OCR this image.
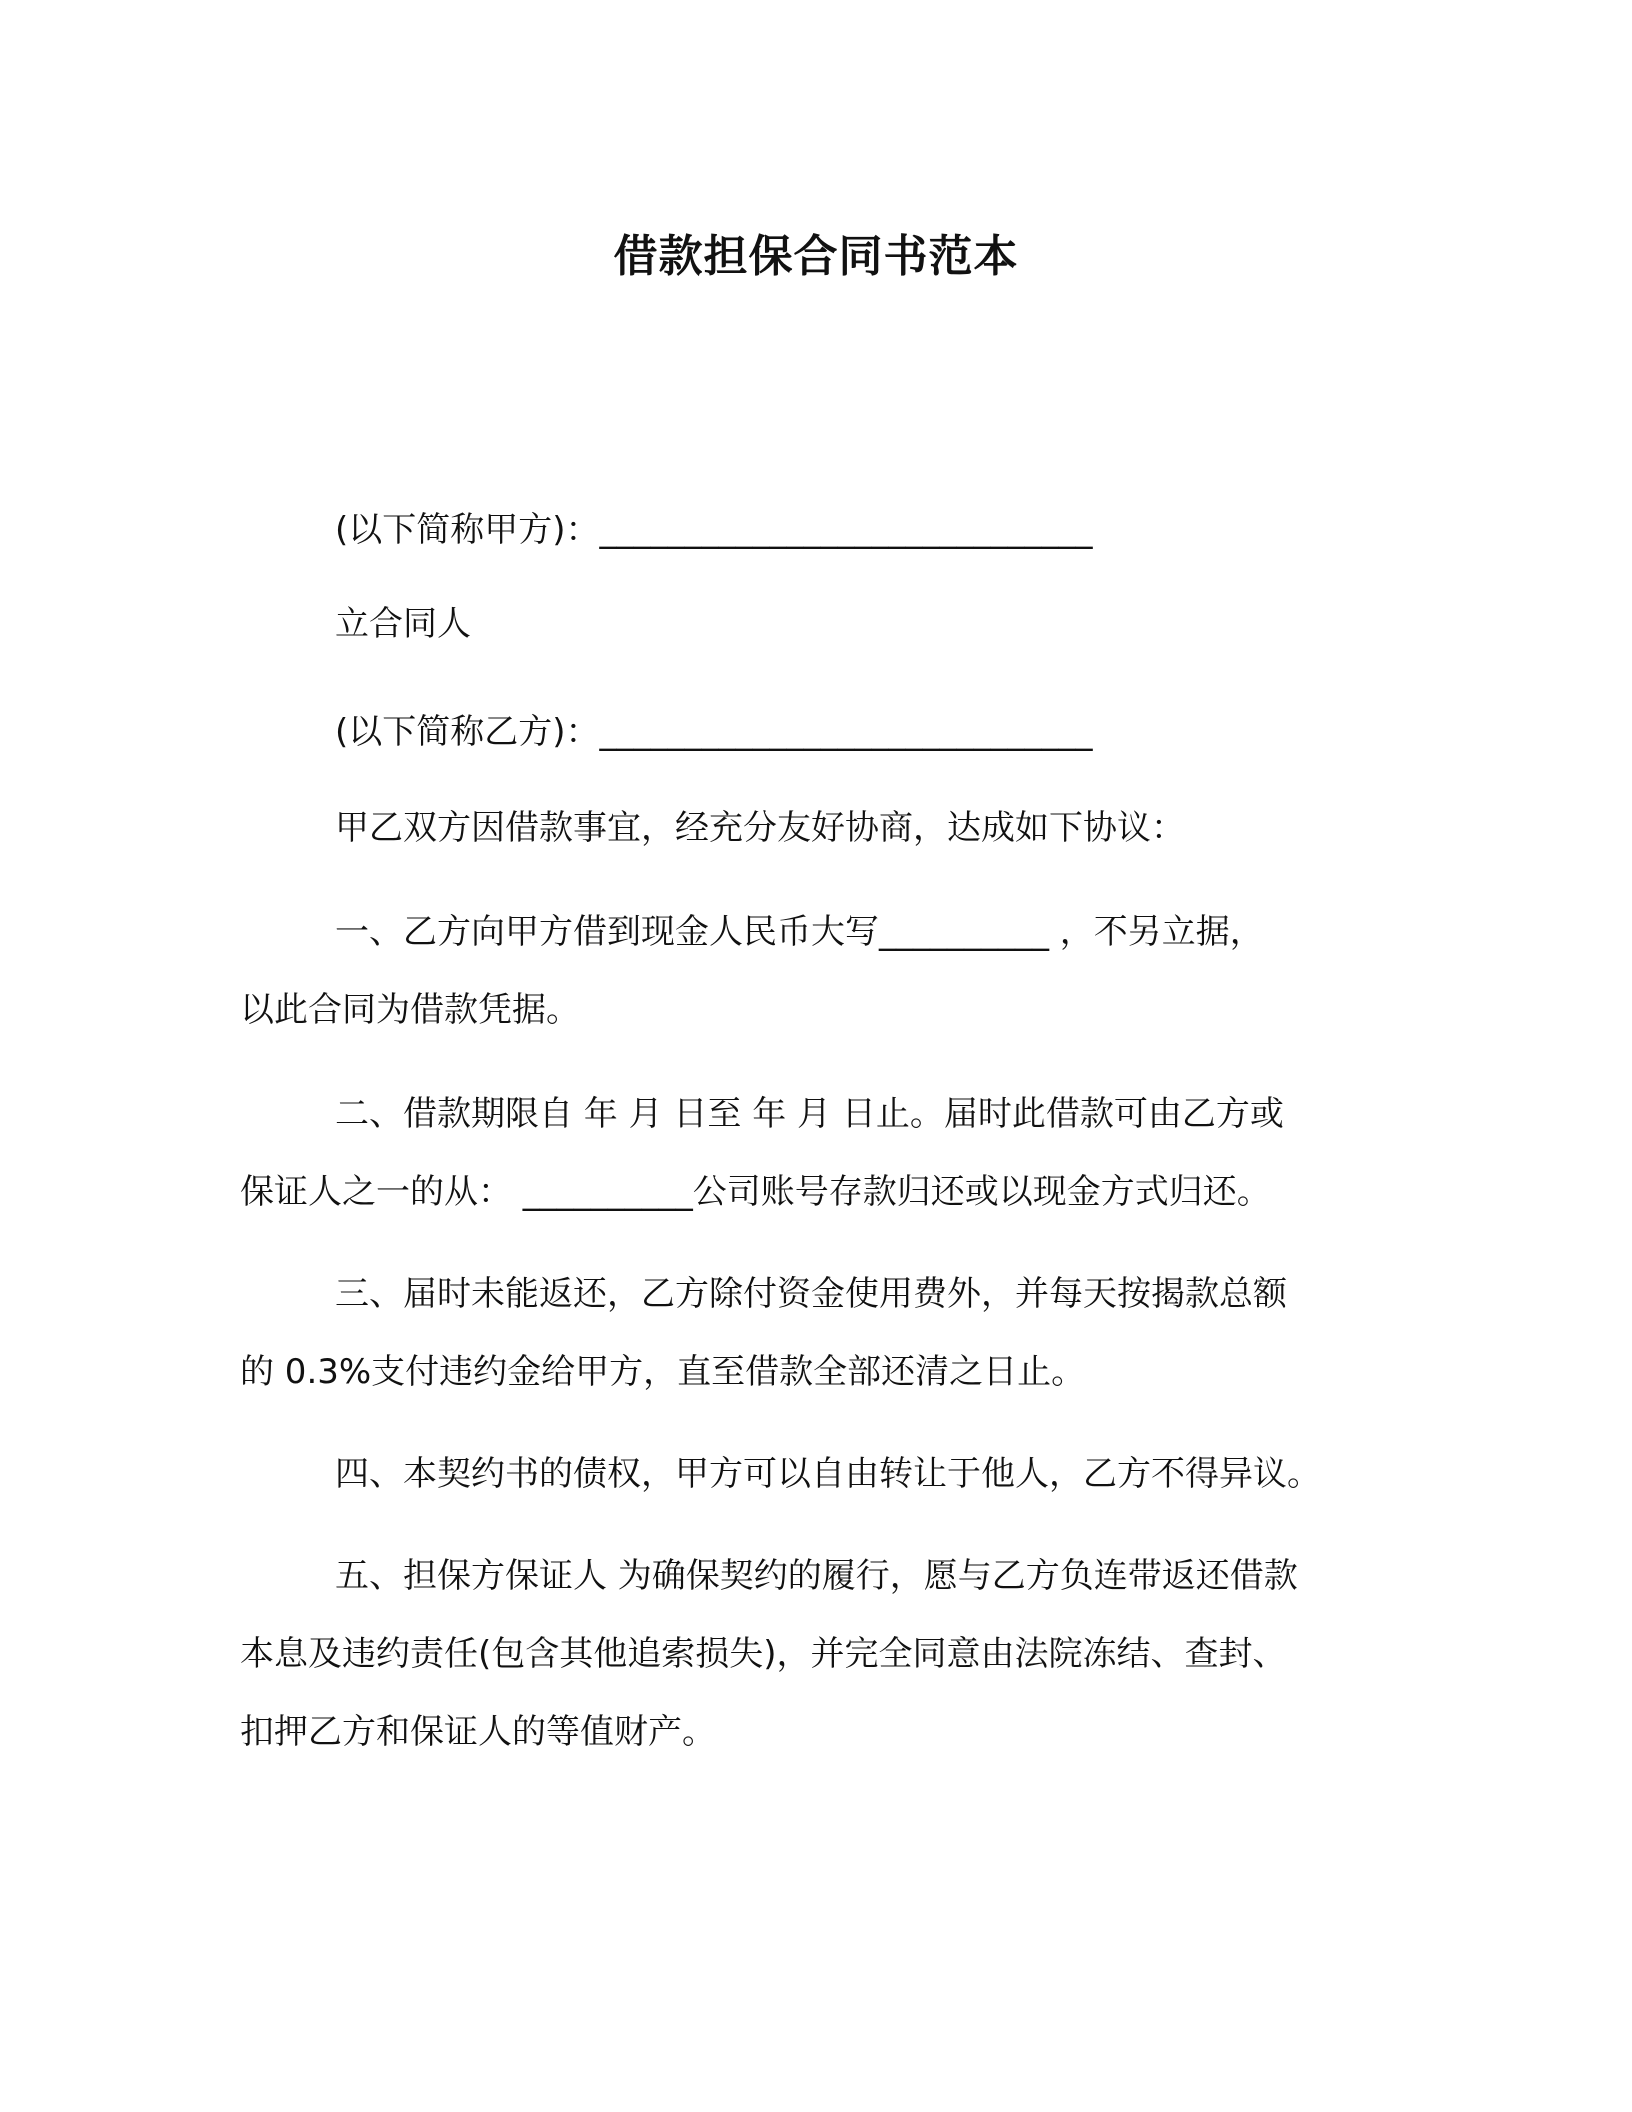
借款担保合同书范本
(以下简称甲方)：_____________________________
立合同人
(以下简称乙方)：_____________________________
甲乙双方因借款事宜，经充分友好协商，达成如下协议：
一、乙方向甲方借到现金人民币大写__________ ，不另立据，
以此合同为借款凭据。
二、借款期限自 年 月 日至 年 月 日止。届时此借款可由乙方或
保证人之一的从： __________公司账号存款归还或以现金方式归还。
三、届时未能返还，乙方除付资金使用费外，并每天按揭款总额
的 0.3%支付违约金给甲方，直至借款全部还清之日止。
四、本契约书的债权，甲方可以自由转让于他人，乙方不得异议。
五、担保方保证人 为确保契约的履行，愿与乙方负连带返还借款
本息及违约责任(包含其他追索损失)，并完全同意由法院冻结、查封、
扣押乙方和保证人的等值财产。
